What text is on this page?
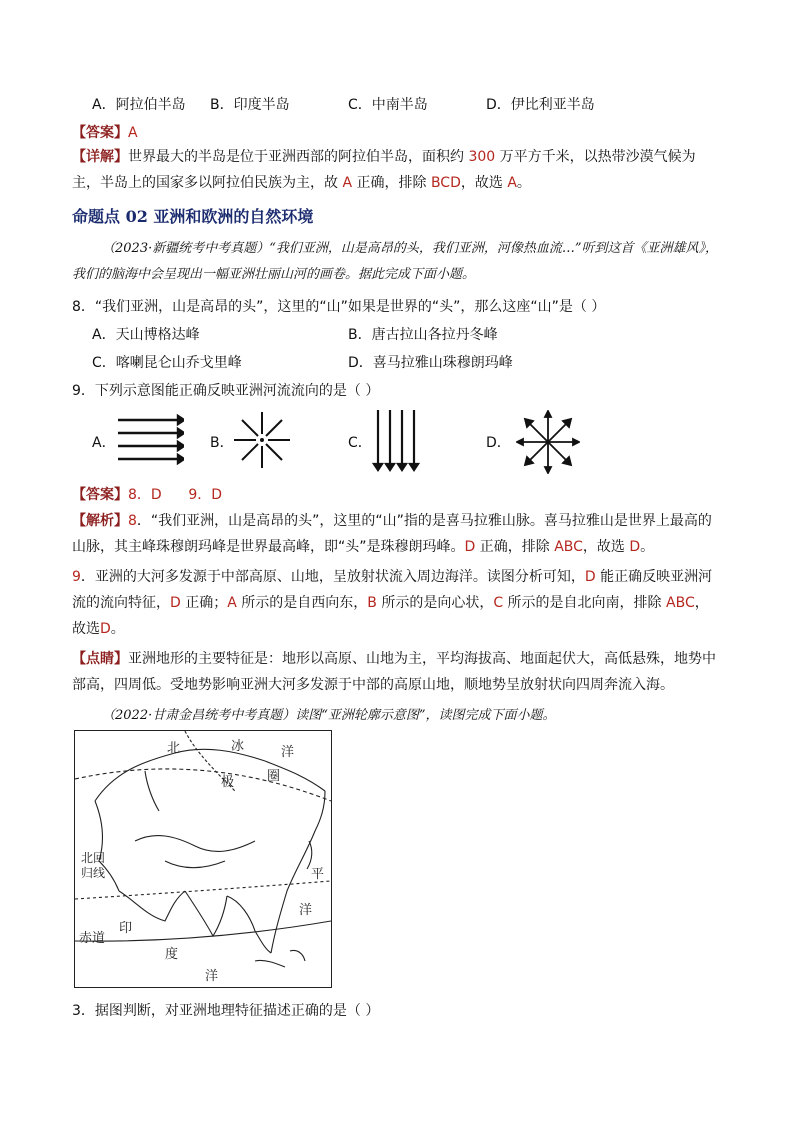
A．阿拉伯半岛 B．印度半岛	C．中南半岛	D．伊比利亚半岛
【答案】A
【详解】世界最大的半岛是位于亚洲西部的阿拉伯半岛，面积约 300 万平方千米，以热带沙漠气候为主，半岛上的国家多以阿拉伯民族为主，故 A 正确，排除 BCD，故选 A。
命题点 02 亚洲和欧洲的自然环境
（2023·新疆统考中考真题）“我们亚洲，山是高昂的头，我们亚洲，河像热血流…”听到这首《亚洲雄风》，我们的脑海中会呈现出一幅亚洲壮丽山河的画卷。据此完成下面小题。
8．“我们亚洲，山是高昂的头”，这里的“山”如果是世界的“头”，那么这座“山”是（ ）
A．天山博格达峰	B．唐古拉山各拉丹冬峰
C．喀喇昆仑山乔戈里峰	D．喜马拉雅山珠穆朗玛峰
9．下列示意图能正确反映亚洲河流流向的是（ ）
A．	B．	C．	D．
【答案】8．D      9．D
【解析】8．“我们亚洲，山是高昂的头”，这里的“山”指的是喜马拉雅山脉。喜马拉雅山是世界上最高的山脉，其主峰珠穆朗玛峰是世界最高峰，即“头”是珠穆朗玛峰。D 正确，排除 ABC，故选 D。
9．亚洲的大河多发源于中部高原、山地，呈放射状流入周边海洋。读图分析可知，D 能正确反映亚洲河流的流向特征，D 正确；A 所示的是自西向东，B 所示的是向心状，C 所示的是自北向南，排除 ABC，故选D。
【点睛】亚洲地形的主要特征是：地形以高原、山地为主，平均海拔高、地面起伏大，高低悬殊，地势中部高，四周低。受地势影响亚洲大河多发源于中部的高原山地，顺地势呈放射状向四周奔流入海。
（2022·甘肃金昌统考中考真题）读图“亚洲轮廓示意图”，读图完成下面小题。
北	冰	洋
极	圈
北回归线	平
洋
印
度
洋
赤道
3．据图判断，对亚洲地理特征描述正确的是（ ）
